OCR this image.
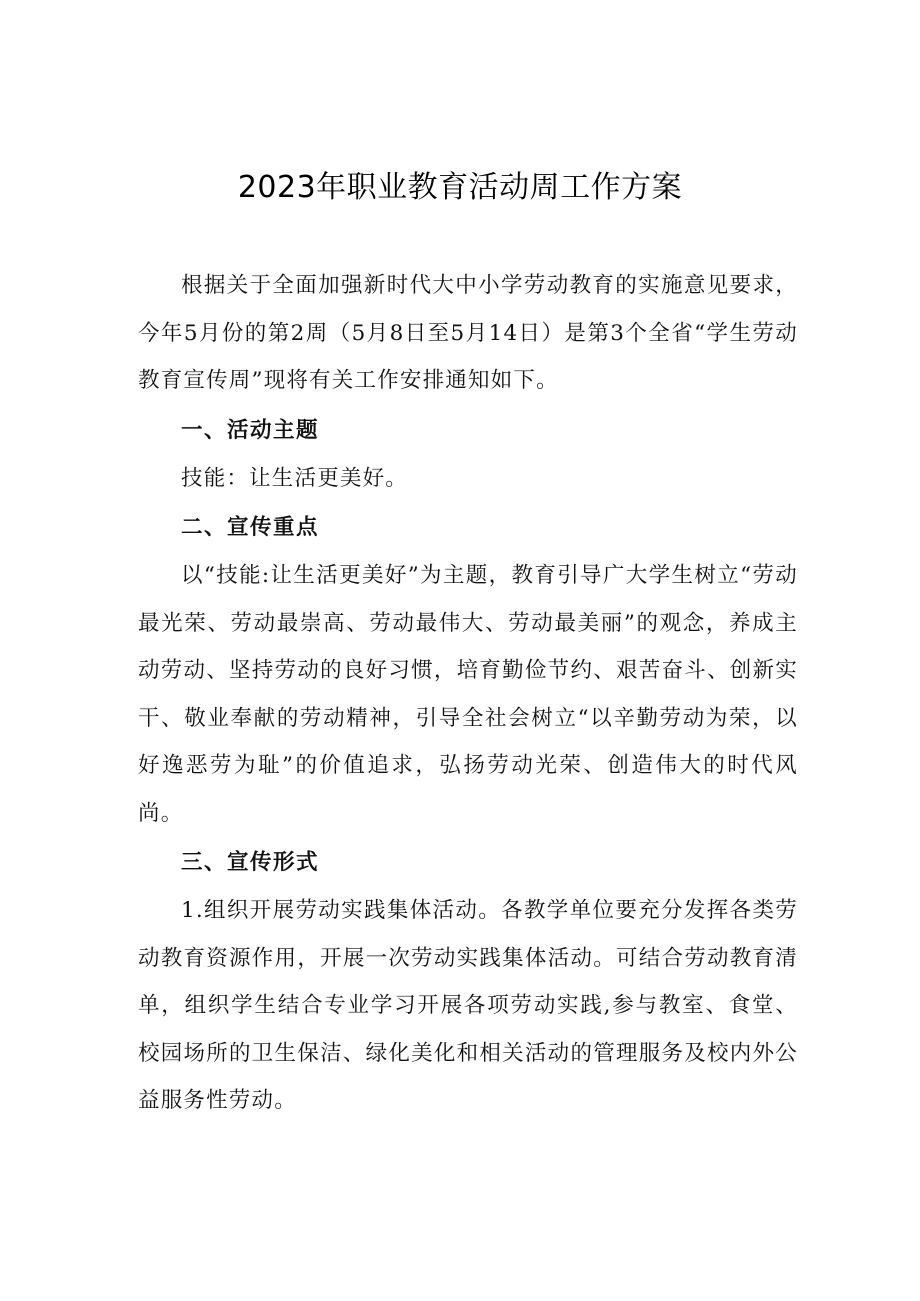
2023年职业教育活动周工作方案

根据关于全面加强新时代大中小学劳动教育的实施意见要求，今年5月份的第2周（5月8日至5月14日）是第3个全省“学生劳动教育宣传周”现将有关工作安排通知如下。

一、活动主题

技能：让生活更美好。

二、宣传重点

以“技能:让生活更美好”为主题，教育引导广大学生树立“劳动最光荣、劳动最崇高、劳动最伟大、劳动最美丽”的观念，养成主动劳动、坚持劳动的良好习惯，培育勤俭节约、艰苦奋斗、创新实干、敬业奉献的劳动精神，引导全社会树立“以辛勤劳动为荣，以好逸恶劳为耻”的价值追求，弘扬劳动光荣、创造伟大的时代风尚。

三、宣传形式

1.组织开展劳动实践集体活动。各教学单位要充分发挥各类劳动教育资源作用，开展一次劳动实践集体活动。可结合劳动教育清单，组织学生结合专业学习开展各项劳动实践,参与教室、食堂、校园场所的卫生保洁、绿化美化和相关活动的管理服务及校内外公益服务性劳动。
